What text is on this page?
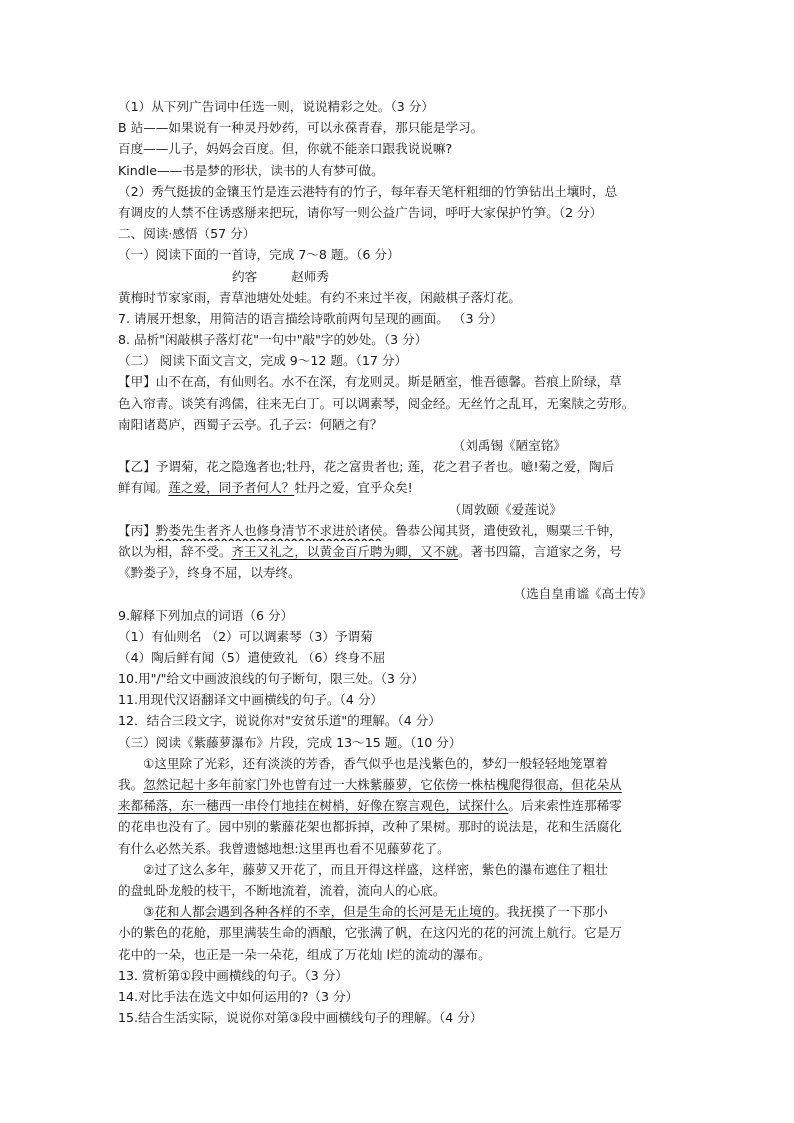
（1）从下列广告词中任选一则，说说精彩之处。（3 分）
B 站——如果说有一种灵丹妙药，可以永葆青春，那只能是学习。
百度——儿子，妈妈会百度。但，你就不能亲口跟我说说嘛?
Kindle——书是梦的形状，读书的人有梦可做。
（2）秀气挺拔的金镶玉竹是连云港特有的竹子，每年春天笔杆粗细的竹笋钻出土壤时，总
有调皮的人禁不住诱惑掰来把玩，请你写一则公益广告词，呼吁大家保护竹笋。（2 分）
二、阅读·感悟（57 分）
（一）阅读下面的一首诗，完成 7～8 题。（6 分）
约客	赵师秀
黄梅时节家家雨，青草池塘处处蛙。有约不来过半夜，闲敲棋子落灯花。
7. 请展开想象，用简洁的语言描绘诗歌前两句呈现的画面。 （3 分）
8. 品析"闲敲棋子落灯花"一句中"敲"字的妙处。（3 分）
（二） 阅读下面文言文，完成 9～12 题。（17 分）
【甲】山不在高，有仙则名。水不在深，有龙则灵。斯是陋室，惟吾德馨。苔痕上阶绿，草
色入帘青。谈笑有鸿儒，往来无白丁。可以调素琴，阅金经。无丝竹之乱耳，无案牍之劳形。
南阳诸葛庐，西蜀子云亭。孔子云：何陋之有？
（刘禹锡《陋室铭》
【乙】予谓菊，花之隐逸者也;牡丹，花之富贵者也; 莲，花之君子者也。噫!菊之爱，陶后
鲜有闻。莲之爱，同予者何人？牡丹之爱，宜乎众矣!
（周敦颐《爱莲说》
【丙】黔娄先生者齐人也修身清节不求进於诸侯。鲁恭公闻其贤，遣使致礼，赐粟三千钟，
欲以为相，辞不受。齐王又礼之，以黄金百斤聘为卿，又不就。著书四篇，言道家之务，号
《黔娄子》，终身不屈，以寿终。
（选自皇甫谧《高士传》
9.解释下列加点的词语（6 分）
（1）有仙则名 （2）可以调素琴（3）予谓菊
（4）陶后鲜有闻（5）遣使致礼 （6）终身不屈
10.用"/"给文中画波浪线的句子断句，限三处。（3 分）
11.用现代汉语翻译文中画横线的句子。（4 分）
12．结合三段文字，说说你对"安贫乐道"的理解。（4 分）
（三）阅读《紫藤萝瀑布》片段，完成 13～15 题。（10 分）
①这里除了光彩，还有淡淡的芳香，香气似乎也是浅紫色的，梦幻一般轻轻地笼罩着
我。忽然记起十多年前家门外也曾有过一大株紫藤萝，它依傍一株枯槐爬得很高，但花朵从
来都稀落，东一穗西一串伶仃地挂在树梢，好像在察言观色，试探什么。后来索性连那稀零
的花串也没有了。园中别的紫藤花架也都拆掉，改种了果树。那时的说法是，花和生活腐化
有什么必然关系。我曾遗憾地想:这里再也看不见藤萝花了。
②过了这么多年，藤萝又开花了，而且开得这样盛，这样密，紫色的瀑布遮住了粗壮
的盘虬卧龙般的枝干，不断地流着，流着，流向人的心底。
③花和人都会遇到各种各样的不幸，但是生命的长河是无止境的。我抚摸了一下那小
小的紫色的花舱，那里满装生命的酒酿，它张满了帆，在这闪光的花的河流上航行。它是万
花中的一朵，也正是一朵一朵花，组成了万花灿 l烂的流动的瀑布。
13. 赏析第①段中画横线的句子。（3 分）
14.对比手法在选文中如何运用的?（3 分）
15.结合生活实际，说说你对第③段中画横线句子的理解。（4 分）
